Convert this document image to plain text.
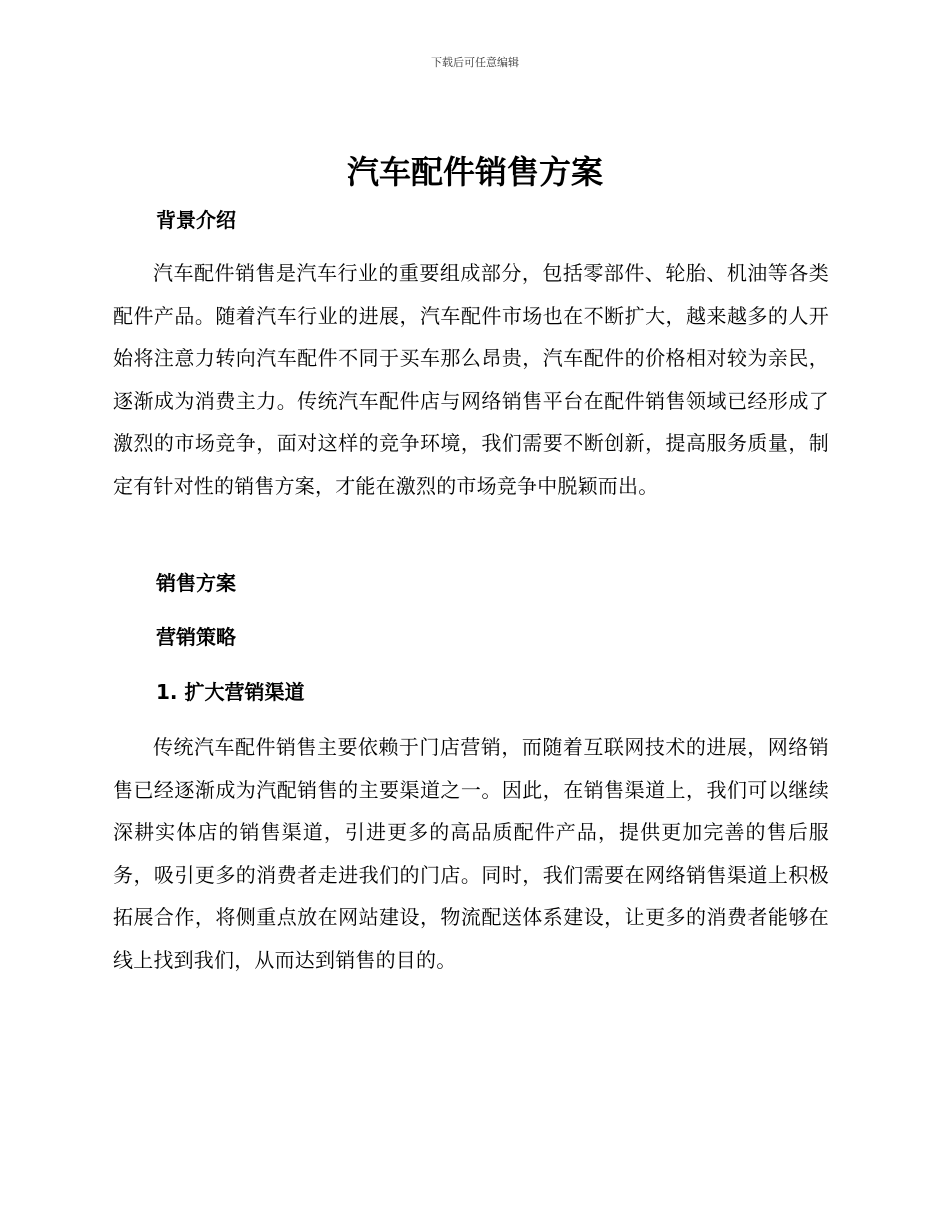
下载后可任意编辑
汽车配件销售方案
背景介绍

汽车配件销售是汽车行业的重要组成部分，包括零部件、轮胎、机油等各类配件产品。随着汽车行业的进展，汽车配件市场也在不断扩大，越来越多的人开始将注意力转向汽车配件不同于买车那么昂贵，汽车配件的价格相对较为亲民，逐渐成为消费主力。传统汽车配件店与网络销售平台在配件销售领域已经形成了激烈的市场竞争，面对这样的竞争环境，我们需要不断创新，提高服务质量，制定有针对性的销售方案，才能在激烈的市场竞争中脱颖而出。

销售方案
营销策略
1. 扩大营销渠道

传统汽车配件销售主要依赖于门店营销，而随着互联网技术的进展，网络销售已经逐渐成为汽配销售的主要渠道之一。因此，在销售渠道上，我们可以继续深耕实体店的销售渠道，引进更多的高品质配件产品，提供更加完善的售后服务，吸引更多的消费者走进我们的门店。同时，我们需要在网络销售渠道上积极拓展合作，将侧重点放在网站建设，物流配送体系建设，让更多的消费者能够在线上找到我们，从而达到销售的目的。
